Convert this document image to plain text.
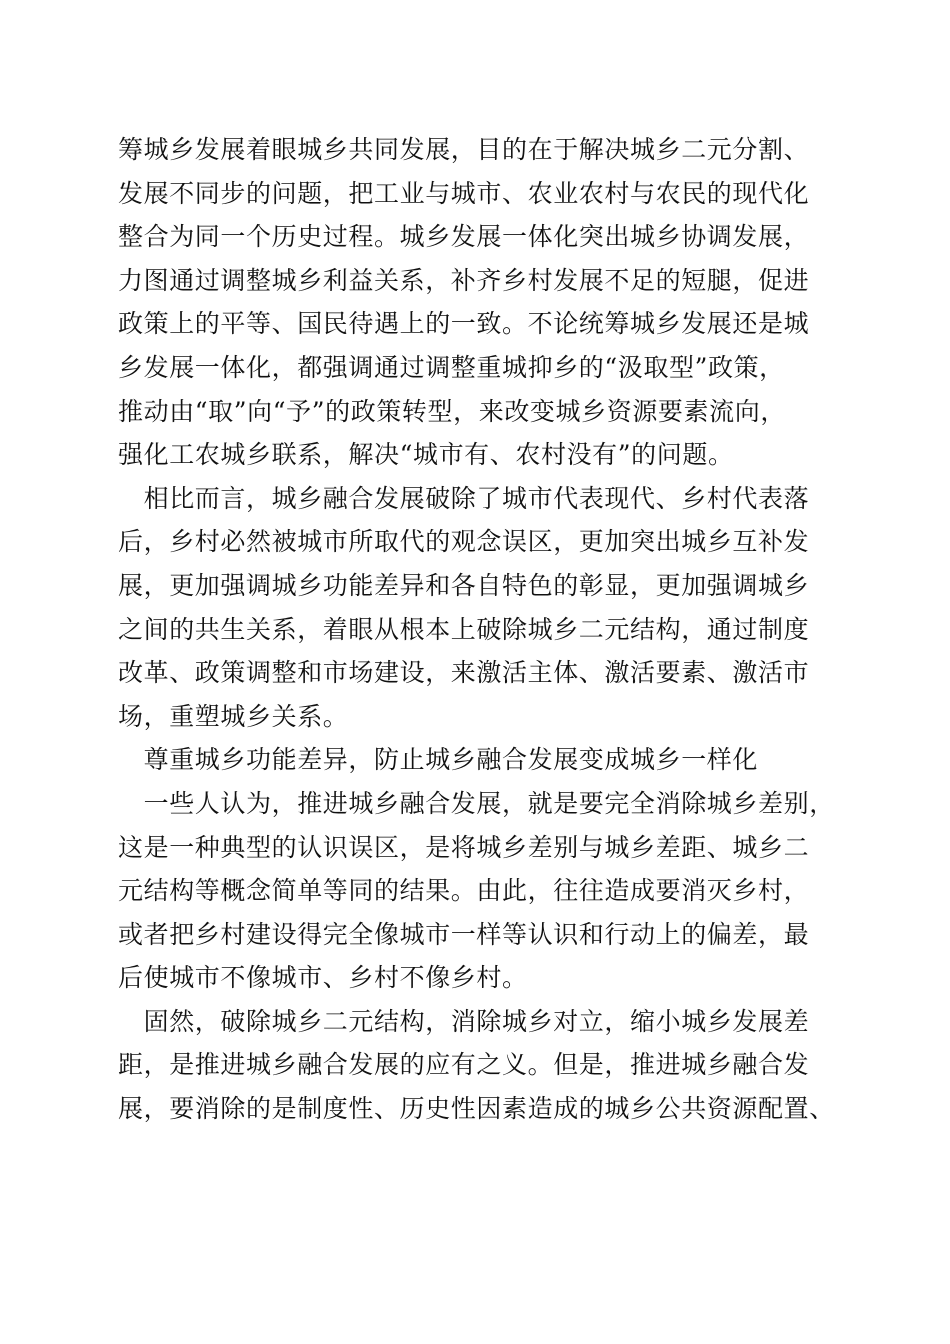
筹城乡发展着眼城乡共同发展，目的在于解决城乡二元分割、
发展不同步的问题，把工业与城市、农业农村与农民的现代化
整合为同一个历史过程。城乡发展一体化突出城乡协调发展，
力图通过调整城乡利益关系，补齐乡村发展不足的短腿，促进
政策上的平等、国民待遇上的一致。不论统筹城乡发展还是城
乡发展一体化，都强调通过调整重城抑乡的“汲取型”政策，
推动由“取”向“予”的政策转型，来改变城乡资源要素流向，
强化工农城乡联系，解决“城市有、农村没有”的问题。
　相比而言，城乡融合发展破除了城市代表现代、乡村代表落
后，乡村必然被城市所取代的观念误区，更加突出城乡互补发
展，更加强调城乡功能差异和各自特色的彰显，更加强调城乡
之间的共生关系，着眼从根本上破除城乡二元结构，通过制度
改革、政策调整和市场建设，来激活主体、激活要素、激活市
场，重塑城乡关系。
　尊重城乡功能差异，防止城乡融合发展变成城乡一样化
　一些人认为，推进城乡融合发展，就是要完全消除城乡差别，
这是一种典型的认识误区，是将城乡差别与城乡差距、城乡二
元结构等概念简单等同的结果。由此，往往造成要消灭乡村，
或者把乡村建设得完全像城市一样等认识和行动上的偏差，最
后使城市不像城市、乡村不像乡村。
　固然，破除城乡二元结构，消除城乡对立，缩小城乡发展差
距，是推进城乡融合发展的应有之义。但是，推进城乡融合发
展，要消除的是制度性、历史性因素造成的城乡公共资源配置、
